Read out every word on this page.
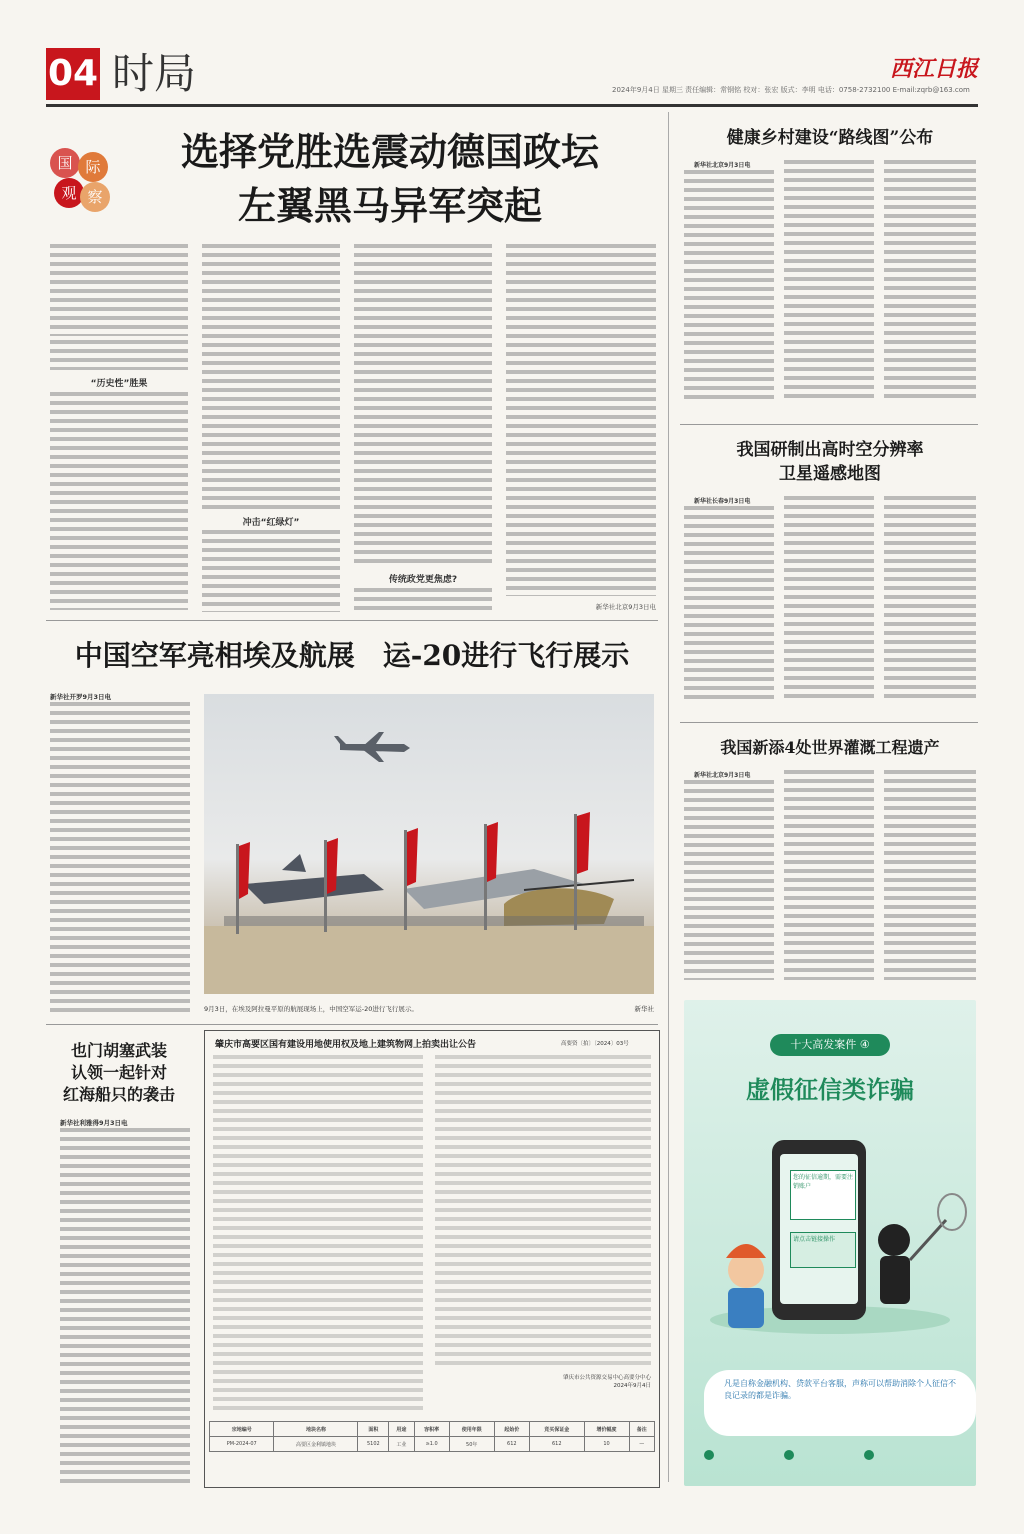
04 时局	2024年9月4日 星期三 责任编辑：常钢铭 校对：张宏 版式：李明 电话：0758-2732100 E-mail:zqrb@163.com
西江日报
国 际
观 察
选择党胜选震动德国政坛
左翼黑马异军突起
“历史性”胜果
冲击“红绿灯”
传统政党更焦虑?
新华社北京9月3日电
中国空军亮相埃及航展　运-20进行飞行展示
新华社开罗9月3日电
9月3日，在埃及阿拉曼平原的航展现场上，中国空军运-20进行飞行展示。	新华社
也门胡塞武装
认领一起针对
红海船只的袭击
新华社利雅得9月3日电
肇庆市高要区国有建设用地使用权及地上建筑物网上拍卖出让公告	高要资〔拍〕〔2024〕03号
肇庆市公共资源交易中心高要分中心
2024年9月4日
宗地编号	地块名称	面积	用途	容积率	使用年限	起始价	竞买保证金	增价幅度	备注
PM-2024-07	高要区金利镇地块	5102	工业	≥1.0	50年	612	612	10	—
健康乡村建设“路线图”公布
新华社北京9月3日电
我国研制出高时空分辨率
卫星遥感地图
新华社长春9月3日电
我国新添4处世界灌溉工程遗产
新华社北京9月3日电
十大高发案件 ④
虚假征信类诈骗
您的征信逾期，需要注销账户
请点击链接操作
凡是自称金融机构、贷款平台客服，声称可以帮助消除个人征信不良记录的都是诈骗。
